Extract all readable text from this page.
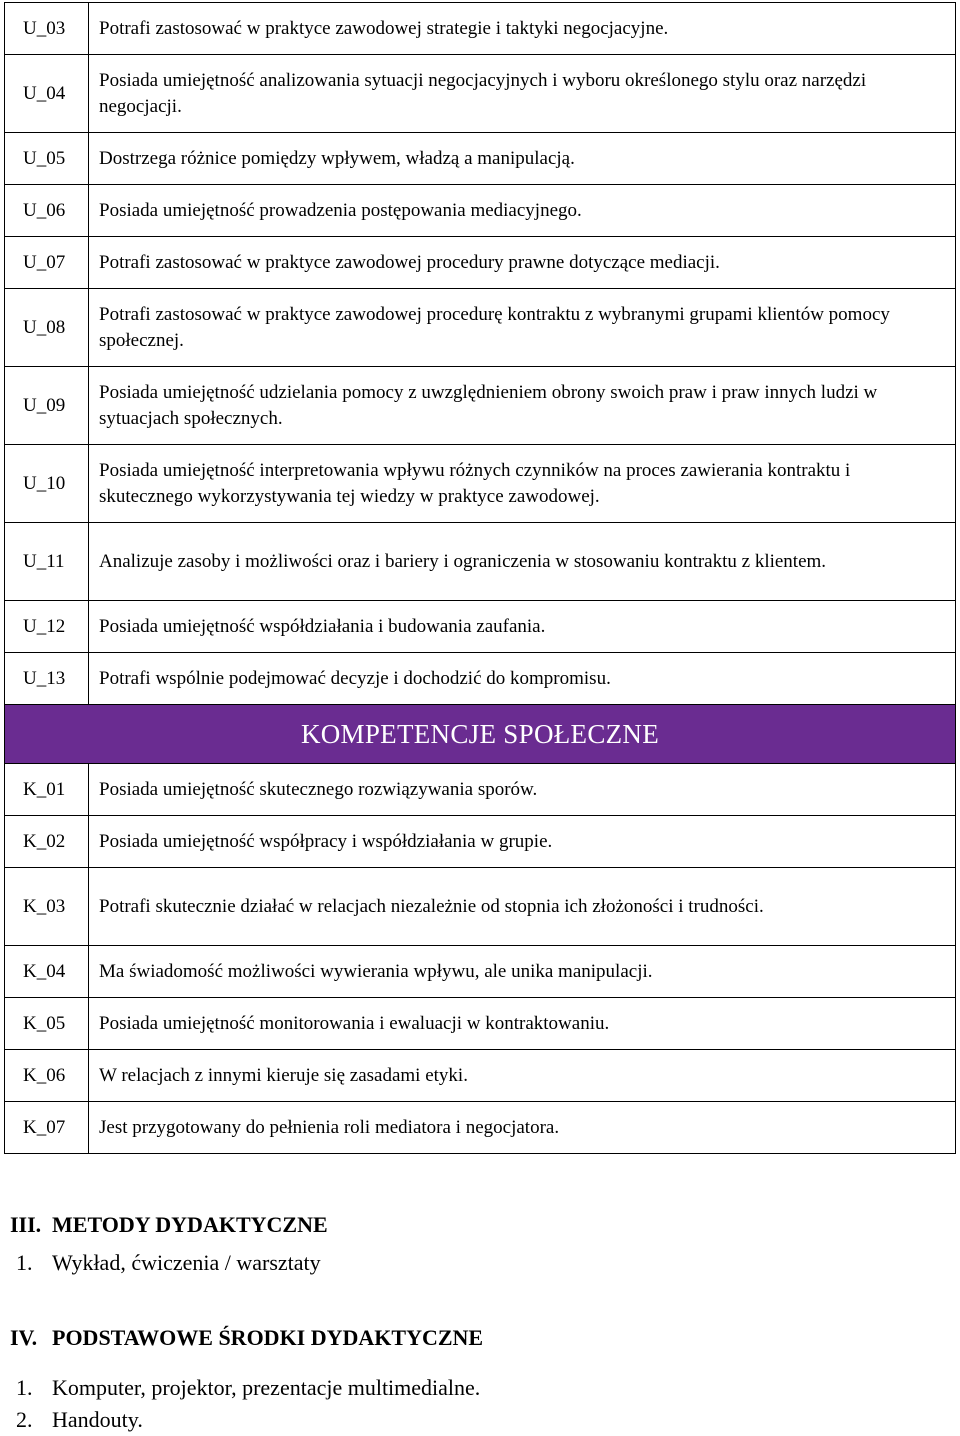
U_03	Potrafi zastosować w praktyce zawodowej strategie i taktyki negocjacyjne.
U_04	Posiada umiejętność analizowania sytuacji negocjacyjnych i wyboru określonego stylu oraz narzędzi negocjacji.
U_05	Dostrzega różnice pomiędzy wpływem, władzą a manipulacją.
U_06	Posiada umiejętność prowadzenia postępowania mediacyjnego.
U_07	Potrafi zastosować w praktyce zawodowej procedury prawne dotyczące mediacji.
U_08	Potrafi zastosować w praktyce zawodowej procedurę kontraktu z wybranymi grupami klientów pomocy społecznej.
U_09	Posiada umiejętność udzielania pomocy z uwzględnieniem obrony swoich praw i praw innych ludzi w sytuacjach społecznych.
U_10	Posiada umiejętność interpretowania wpływu różnych czynników na proces zawierania kontraktu i skutecznego wykorzystywania tej wiedzy w praktyce zawodowej.
U_11	Analizuje zasoby i możliwości oraz i bariery i ograniczenia w stosowaniu kontraktu z klientem.
U_12	Posiada umiejętność współdziałania i budowania zaufania.
U_13	Potrafi wspólnie podejmować decyzje i dochodzić do kompromisu.
KOMPETENCJE SPOŁECZNE	
K_01	Posiada umiejętność skutecznego rozwiązywania sporów.
K_02	Posiada umiejętność współpracy i współdziałania w grupie.
K_03	Potrafi skutecznie działać w relacjach niezależnie od stopnia ich złożoności i trudności.
K_04	Ma świadomość możliwości wywierania wpływu, ale unika manipulacji.
K_05	Posiada umiejętność monitorowania i ewaluacji w kontraktowaniu.
K_06	W relacjach z innymi kieruje się zasadami etyki.
K_07	Jest przygotowany do pełnienia roli mediatora i negocjatora.
III. METODY DYDAKTYCZNE
1. Wykład, ćwiczenia / warsztaty
IV. PODSTAWOWE ŚRODKI DYDAKTYCZNE
1. Komputer, projektor, prezentacje multimedialne.
2. Handouty.
